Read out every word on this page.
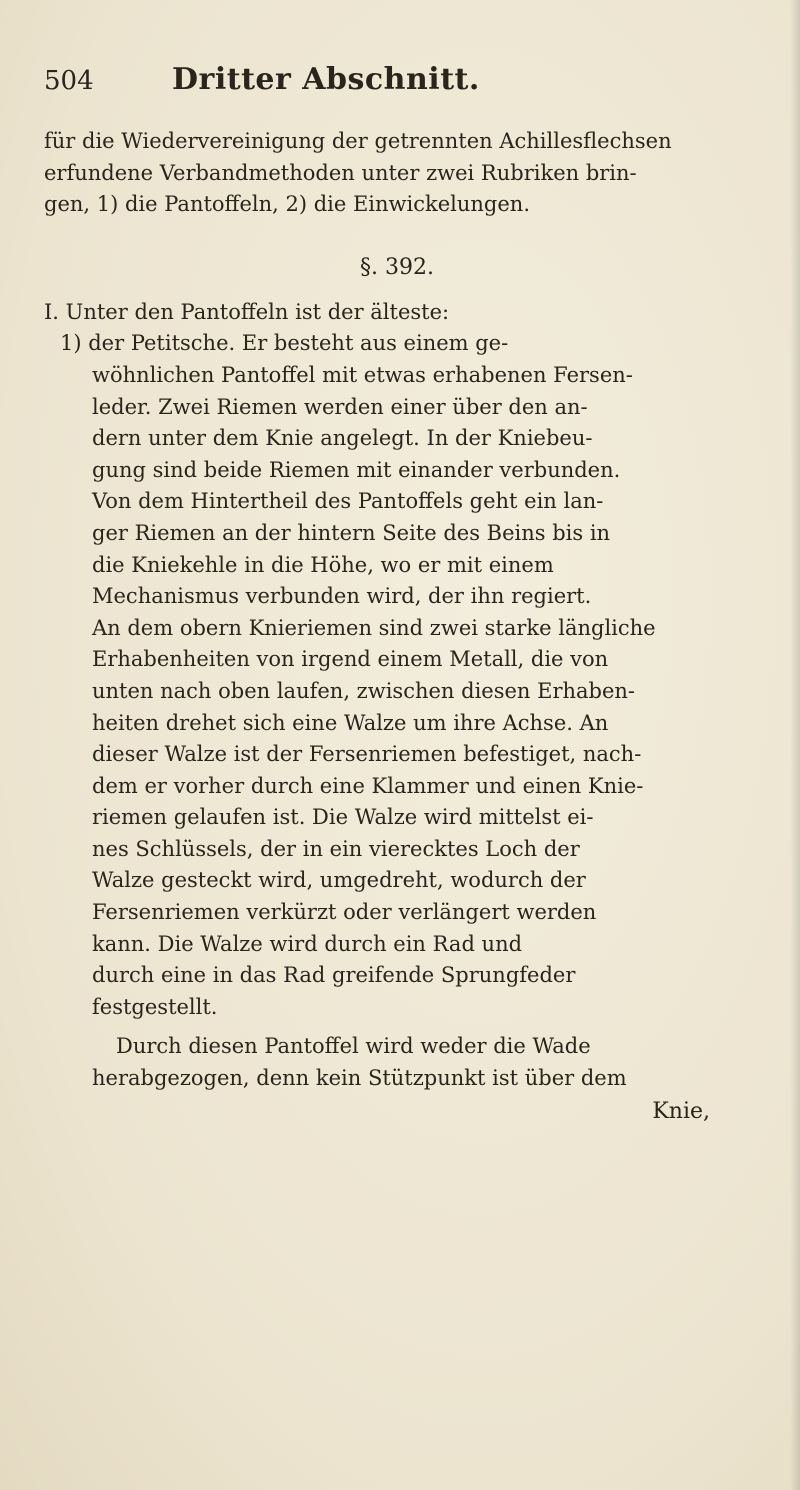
504	Dritter Abschnitt.
für die Wiedervereinigung der getrennten Achillesflechsen
erfundene Verbandmethoden unter zwei Rubriken brin-
gen, 1) die Pantoffeln, 2) die Einwickelungen.
§. 392.
I. Unter den Pantoffeln ist der älteste:
1) der Petitsche. Er besteht aus einem ge-
wöhnlichen Pantoffel mit etwas erhabenen Fersen-
leder. Zwei Riemen werden einer über den an-
dern unter dem Knie angelegt. In der Kniebeu-
gung sind beide Riemen mit einander verbunden.
Von dem Hintertheil des Pantoffels geht ein lan-
ger Riemen an der hintern Seite des Beins bis in
die Kniekehle in die Höhe, wo er mit einem
Mechanismus verbunden wird, der ihn regiert.
An dem obern Knieriemen sind zwei starke längliche
Erhabenheiten von irgend einem Metall, die von
unten nach oben laufen, zwischen diesen Erhaben-
heiten drehet sich eine Walze um ihre Achse. An
dieser Walze ist der Fersenriemen befestiget, nach-
dem er vorher durch eine Klammer und einen Knie-
riemen gelaufen ist. Die Walze wird mittelst ei-
nes Schlüssels, der in ein vierecktes Loch der
Walze gesteckt wird, umgedreht, wodurch der
Fersenriemen verkürzt oder verlängert werden
kann. Die Walze wird durch ein Rad und
durch eine in das Rad greifende Sprungfeder
festgestellt.
Durch diesen Pantoffel wird weder die Wade
herabgezogen, denn kein Stützpunkt ist über dem
Knie,
